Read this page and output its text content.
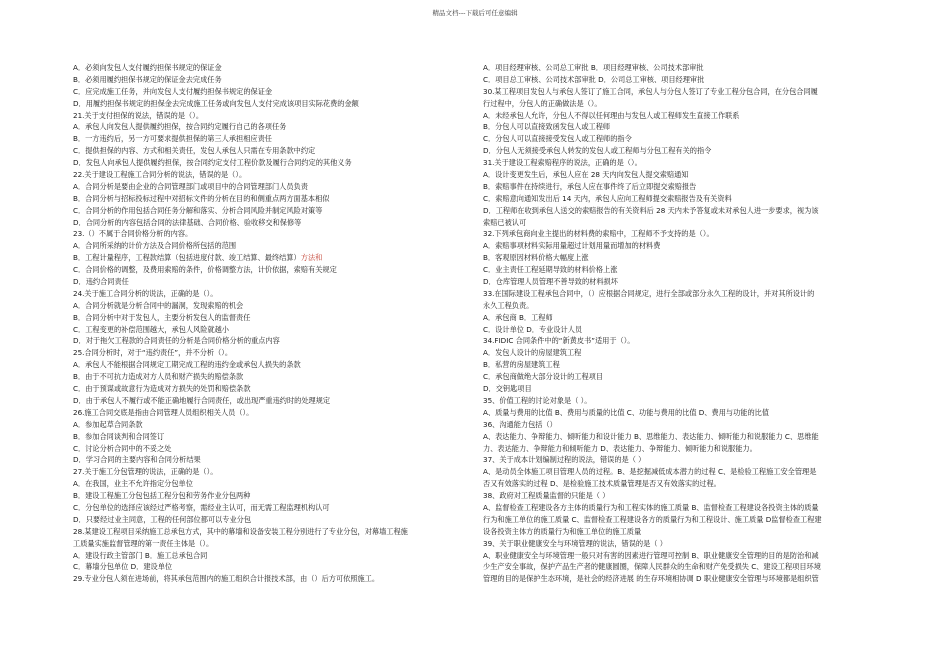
精品文档---下载后可任意编辑
A．必须向发包人支付履约担保书规定的保证金
B．必须用履约担保书规定的保证金去完成任务
C．应完成施工任务，并向发包人支付履约担保书规定的保证金
D．用履约担保书规定的担保金去完成施工任务或向发包人支付完成该项目实际花费的金额
21.关于支付担保的说法，错误的是（）。
A．承包人向发包人提供履约担保，按合同约定履行自己的各项任务
B．一方违约后，另一方可要求提供担保的第三人承担相应责任
C．提供担保的内容、方式和相关责任，发包人承包人只需在专用条款中约定
D．发包人向承包人提供履约担保，按合同约定支付工程价款及履行合同约定的其他义务
22.关于建设工程施工合同分析的说法，错误的是（）。
A．合同分析是要由企业的合同管理部门或项目中的合同管理部门人员负责
B．合同分析与招标投标过程中对招标文件的分析在目的和侧重点两方面基本相似
C．合同分析的作用包括合同任务分解和落实、分析合同风险并制定风险对策等
D．合同分析的内容包括合同的法律基础、合同价格、验收移交和保修等
23.（）不属于合同价格分析的内容。
A．合同所采纳的计价方法及合同价格所包括的范围
B．工程计量程序，工程款结算（包括进度付款、竣工结算、最终结算）方法和
C．合同价格的调整，及费用索赔的条件，价格调整方法，计价依据，索赔有关规定
D．违约合同责任
24.关于施工合同分析的说法，正确的是（）。
A．合同分析就是分析合同中的漏洞，发现索赔的机会
B．合同分析中对于发包人，主要分析发包人的监督责任
C．工程变更的补偿范围越大，承包人风险就越小
D．对于拖欠工程款的合同责任的分析是合同价格分析的重点内容
25.合同分析时，对于“违约责任”，并不分析（）。
A．承包人不能根据合同规定工期完成工程的违约金或承包人损失的条款
B．由于不可抗力造成对方人员和财产损失的赔偿条款
C．由于预谋或故意行为造成对方损失的处罚和赔偿条款
D．由于承包人不履行或不能正确地履行合同责任，或出现严重违约时的处理规定
26.施工合同交底是指由合同管理人员组织相关人员（）。
A．参加起草合同条款
B．参加合同谈判和合同签订
C．讨论分析合同中的不妥之处
D．学习合同的主要内容和合同分析结果
27.关于施工分包管理的说法，正确的是（）。
A．在我国，业主不允许指定分包单位
B．建设工程施工分包包括工程分包和劳务作业分包两种
C．分包单位的选择应该经过严格考察，需经业主认可，而无需工程监理机构认可
D．只要经过业主同意，工程的任何部位都可以专业分包
28.某建设工程项目采纳施工总承包方式，其中的幕墙和设备安装工程分别进行了专业分包，对幕墙工程施
工质量实施监督管理的第一责任主体是（）。
A．建设行政主管部门 B．施工总承包合同
C．幕墙分包单位 D．建设单位
29.专业分包人须在进场前，将其承包范围内的施工组织合计报技术部，由（）后方可依照施工。
A．项目经理审核、公司总工审批 B．项目经理审核、公司技术部审批
C．项目总工审核、公司技术部审批 D．公司总工审核、项目经理审批
30.某工程项目发包人与承包人签订了施工合同，承包人与分包人签订了专业工程分包合同，在分包合同履
行过程中，分包人的正确做法是（）。
A．未经承包人允许，分包人不得以任何理由与发包人或工程师发生直接工作联系
B．分包人可以直接致函发包人或工程师
C．分包人可以直接接受发包人或工程师的指令
D．分包人无须接受承包人转发的发包人或工程师与分包工程有关的指令
31.关于建设工程索赔程序的说法，正确的是（）。
A．设计变更发生后，承包人应在 28 天内向发包人提交索赔通知
B．索赔事件在持续进行，承包人应在事件终了后立即提交索赔报告
C．索赔意向通知发出后 14 天内，承包人应向工程师提交索赔报告及有关资料
D．工程师在收到承包人送交的索赔报告的有关资料后 28 天内未予答复或未对承包人进一步要求，视为该
索赔已被认可
32.下列承包商向业主提出的材料费的索赔中，工程师不予支持的是（）。
A．索赔事项材料实际用量超过计划用量而增加的材料费
B．客观原因材料价格大幅度上涨
C．业主责任工程延期导致的材料价格上涨
D．仓库管理人员管理不善导致的材料损坏
33.在国际建设工程承包合同中，（）应根据合同规定，进行全部或部分永久工程的设计，并对其所设计的
永久工程负责。
A．承包商 B．工程师
C．设计单位 D．专业设计人员
34.FIDIC 合同条件中的“新黄皮书”适用于（）。
A．发包人设计的房屋建筑工程
B．私营的房屋建筑工程
C．承包商做绝大部分设计的工程项目
D．交钥匙项目
35、价值工程的讨论对象是（ ）。
A、质量与费用的比值 B、费用与质量的比值 C、功能与费用的比值 D、费用与功能的比值
36、沟通能力包括（）
A、表达能力、争辩能力、倾听能力和设计能力 B、思维能力、表达能力、倾听能力和说服能力 C、思维能
力、表达能力、争辩能力和倾听能力 D、表达能力、争辩能力、倾听能力和说服能力。
37、关于成本计划编制过程的说法，错误的是（ ）
A、是动员全体施工项目管理人员的过程。B、是挖掘减低成本潜力的过程 C、是检验工程施工安全管理是
否又有效落实的过程 D、是检验施工技术质量管理是否又有效落实的过程。
38、政府对工程质量监督的只能是（ ）
A、监督检查工程建设各方主体的质量行为和工程实体的施工质量 B、监督检查工程建设各投资主体的质量
行为和施工单位的施工质量 C、监督检查工程建设各方的质量行为和工程设计、施工质量 D监督检查工程建
设各投资主体方的质量行为和施工单位的施工质量
39、关于职业健康安全与环境管理的说法，错误的是（ ）
A、职业健康安全与环境管理一般只对有害的因素进行管理可控制 B、职业健康安全管理的目的是防治和减
少生产安全事故，保护产品生产者的健康圆圈，保障人民群众的生命和财产免受损失 C、建设工程项目环境
管理的目的是保护生态环境，是社会的经济进展 的生存环境相协调 D 职业健康安全管理与环境都是组织管
